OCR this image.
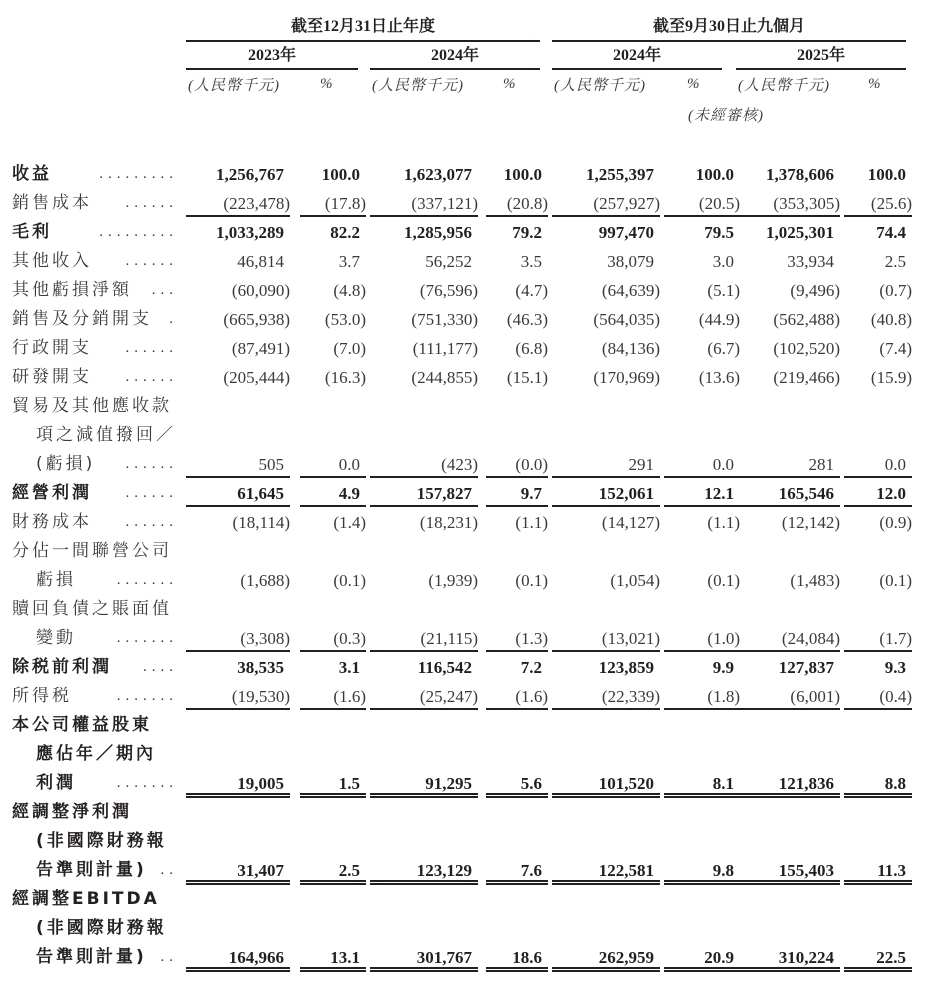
截至12月31日止年度	截至9月30日止九個月
2023年	2024年	2024年	2025年
(人民幣千元)	%	(人民幣千元)	%	(人民幣千元)	%	(人民幣千元)	%
(未經審核)
收益	.........	1,256,767	100.0	1,623,077	100.0	1,255,397	100.0	1,378,606	100.0
銷售成本	......	(223,478)	(17.8)	(337,121)	(20.8)	(257,927)	(20.5)	(353,305)	(25.6)
毛利	.........	1,033,289	82.2	1,285,956	79.2	997,470	79.5	1,025,301	74.4
其他收入	......	46,814	3.7	56,252	3.5	38,079	3.0	33,934	2.5
其他虧損淨額	...	(60,090)	(4.8)	(76,596)	(4.7)	(64,639)	(5.1)	(9,496)	(0.7)
銷售及分銷開支	.	(665,938)	(53.0)	(751,330)	(46.3)	(564,035)	(44.9)	(562,488)	(40.8)
行政開支	......	(87,491)	(7.0)	(111,177)	(6.8)	(84,136)	(6.7)	(102,520)	(7.4)
研發開支	......	(205,444)	(16.3)	(244,855)	(15.1)	(170,969)	(13.6)	(219,466)	(15.9)
貿易及其他應收款
項之減值撥回／
(虧損)	......	505	0.0	(423)	(0.0)	291	0.0	281	0.0
經營利潤	......	61,645	4.9	157,827	9.7	152,061	12.1	165,546	12.0
財務成本	......	(18,114)	(1.4)	(18,231)	(1.1)	(14,127)	(1.1)	(12,142)	(0.9)
分佔一間聯營公司
虧損	.......	(1,688)	(0.1)	(1,939)	(0.1)	(1,054)	(0.1)	(1,483)	(0.1)
贖回負債之賬面值
變動	.......	(3,308)	(0.3)	(21,115)	(1.3)	(13,021)	(1.0)	(24,084)	(1.7)
除税前利潤	....	38,535	3.1	116,542	7.2	123,859	9.9	127,837	9.3
所得税	.......	(19,530)	(1.6)	(25,247)	(1.6)	(22,339)	(1.8)	(6,001)	(0.4)
本公司權益股東
應佔年／期內
利潤	.......	19,005	1.5	91,295	5.6	101,520	8.1	121,836	8.8
經調整淨利潤
(非國際財務報
告準則計量) ..	31,407	2.5	123,129	7.6	122,581	9.8	155,403	11.3
經調整EBITDA
(非國際財務報
告準則計量) ..	164,966	13.1	301,767	18.6	262,959	20.9	310,224	22.5
